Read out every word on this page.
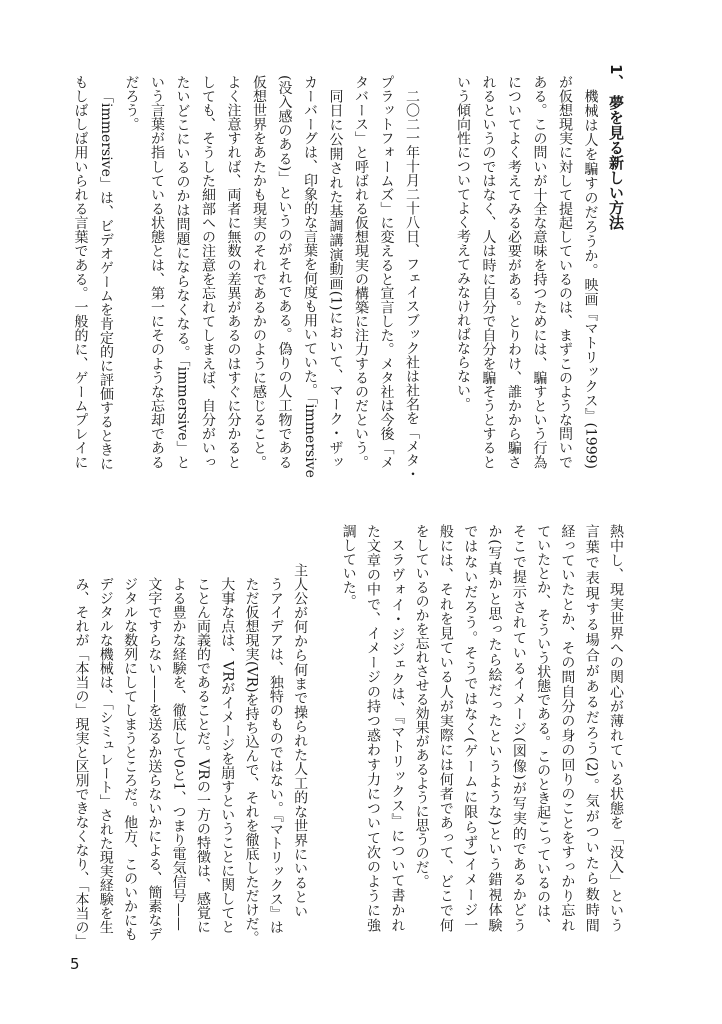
1、 夢を見る新しい方法
機械は人を騙すのだろうか。映画『マトリックス』(1999)
が仮想現実に対して提起しているのは、まずこのような問いで
ある。この問いが十全な意味を持つためには、騙すという行為
についてよく考えてみる必要がある。とりわけ、誰かから騙さ
れるというのではなく、人は時に自分で自分を騙そうとすると
いう傾向性についてよく考えてみなければならない。
二〇二一年十月二十八日、フェイスブック社は社名を「メタ・
プラットフォームズ」に変えると宣言した。メタ社は今後「メ
タバース」と呼ばれる仮想現実の構築に注力するのだという。
同日に公開された基調講演動画(1)において、マーク・ザッ
カーバーグは、印象的な言葉を何度も用いていた。「immersive
(没入感のある)」というのがそれである。偽りの人工物である
仮想世界をあたかも現実のそれであるかのように感じること。
よく注意すれば、両者に無数の差異があるのはすぐに分かると
しても、そうした細部への注意を忘れてしまえば、自分がいっ
たいどこにいるのかは問題にならなくなる。「immersive」と
いう言葉が指している状態とは、第一にそのような忘却である
だろう。
「immersive」は、ビデオゲームを肯定的に評価するときに
もしばしば用いられる言葉である。一般的に、ゲームプレイに
熱中し、現実世界への関心が薄れている状態を「没入」という
言葉で表現する場合があるだろう(2)。気がついたら数時間
経っていたとか、その間自分の身の回りのことをすっかり忘れ
ていたとか、そういう状態である。このとき起こっているのは、
そこで提示されているイメージ(図像)が写実的であるかどう
か(写真かと思ったら絵だったというような)という錯視体験
ではないだろう。そうではなく(ゲームに限らず)イメージ一
般には、それを見ている人が実際には何者であって、どこで何
をしているのかを忘れさせる効果があるように思うのだ。
スラヴォイ・ジジェクは、『マトリックス』について書かれ
た文章の中で、イメージの持つ惑わす力について次のように強
調していた。
主人公が何から何まで操られた人工的な世界にいるとい
うアイデアは、独特のものではない。『マトリックス』は
ただ仮想現実(VR)を持ち込んで、それを徹底しただけだ。
大事な点は、VRがイメージを崩すということに関してと
ことん両義的であることだ。VRの一方の特徴は、感覚に
よる豊かな経験を、徹底して0と1、つまり電気信号——
文字ですらない——を送るか送らないかによる、簡素なデ
ジタルな数列にしてしまうところだ。他方、このいかにも
デジタルな機械は、「シミュレート」された現実経験を生
み、それが「本当の」現実と区別できなくなり、「本当の」
5
